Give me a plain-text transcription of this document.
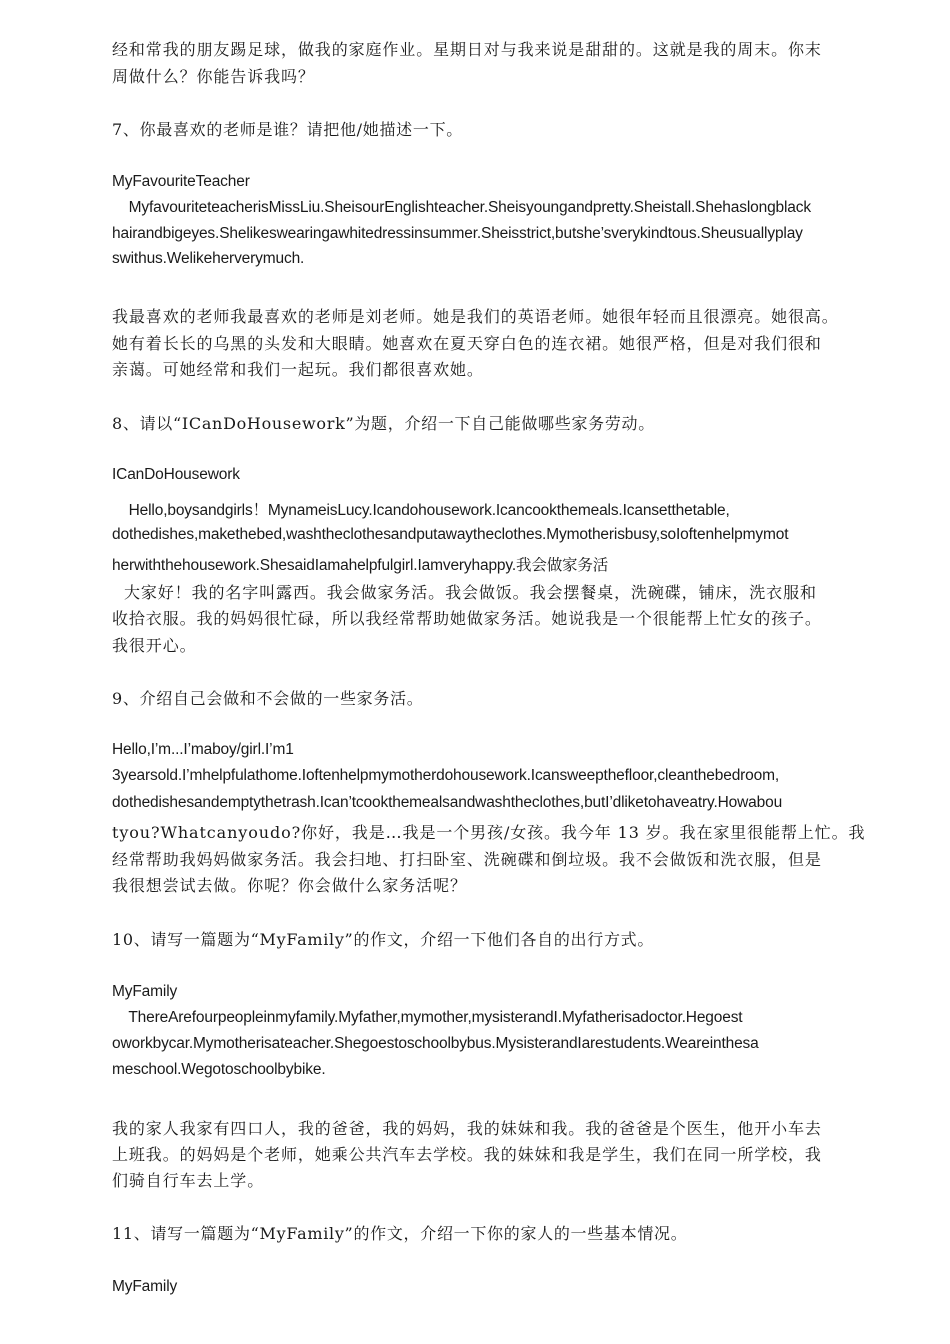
经和常我的朋友踢足球，做我的家庭作业。星期日对与我来说是甜甜的。这就是我的周末。你末

周做什么？你能告诉我吗？

7、你最喜欢的老师是谁？请把他/她描述一下。

MyFavouriteTeacher

MyfavouriteteacherisMissLiu.SheisourEnglishteacher.Sheisyoungandpretty.Sheistall.Shehaslongblack

hairandbigeyes.Shelikeswearingawhitedressinsummer.Sheisstrict,butshe’sverykindtous.Sheusuallyplay

swithus.Welikeherverymuch.

我最喜欢的老师我最喜欢的老师是刘老师。她是我们的英语老师。她很年轻而且很漂亮。她很高。

她有着长长的乌黑的头发和大眼睛。她喜欢在夏天穿白色的连衣裙。她很严格，但是对我们很和

亲蔼。可她经常和我们一起玩。我们都很喜欢她。

8、请以“ICanDoHousework”为题，介绍一下自己能做哪些家务劳动。

ICanDoHousework

Hello,boysandgirls！MynameisLucy.Icandohousework.Icancookthemeals.Icansetthetable,

dothedishes,makethebed,washtheclothesandputawaytheclothes.Mymotherisbusy,soIoftenhelpmymot

herwiththehousework.ShesaidIamahelpfulgirl.Iamveryhappy.我会做家务活

大家好！我的名字叫露西。我会做家务活。我会做饭。我会摆餐桌，洗碗碟，铺床，洗衣服和

收拾衣服。我的妈妈很忙碌，所以我经常帮助她做家务活。她说我是一个很能帮上忙女的孩子。

我很开心。

9、介绍自己会做和不会做的一些家务活。

Hello,I’m...I’maboy/girl.I’m1

3yearsold.I’mhelpfulathome.Ioftenhelpmymotherdohousework.Icansweepthefloor,cleanthebedroom,

dothedishesandemptythetrash.Ican’tcookthemealsandwashtheclothes,butI’dliketohaveatry.Howabou

tyou?Whatcanyoudo?你好，我是…我是一个男孩/女孩。我今年 13 岁。我在家里很能帮上忙。我

经常帮助我妈妈做家务活。我会扫地、打扫卧室、洗碗碟和倒垃圾。我不会做饭和洗衣服，但是

我很想尝试去做。你呢？你会做什么家务活呢？

10、请写一篇题为“MyFamily”的作文，介绍一下他们各自的出行方式。

MyFamily

ThereArefourpeopleinmyfamily.Myfather,mymother,mysisterandI.Myfatherisadoctor.Hegoest

oworkbycar.Mymotherisateacher.Shegoestoschoolbybus.MysisterandIarestudents.Weareinthesa

meschool.Wegotoschoolbybike.

我的家人我家有四口人，我的爸爸，我的妈妈，我的妹妹和我。我的爸爸是个医生，他开小车去

上班我。的妈妈是个老师，她乘公共汽车去学校。我的妹妹和我是学生，我们在同一所学校，我

们骑自行车去上学。

11、请写一篇题为“MyFamily”的作文，介绍一下你的家人的一些基本情况。

MyFamily
